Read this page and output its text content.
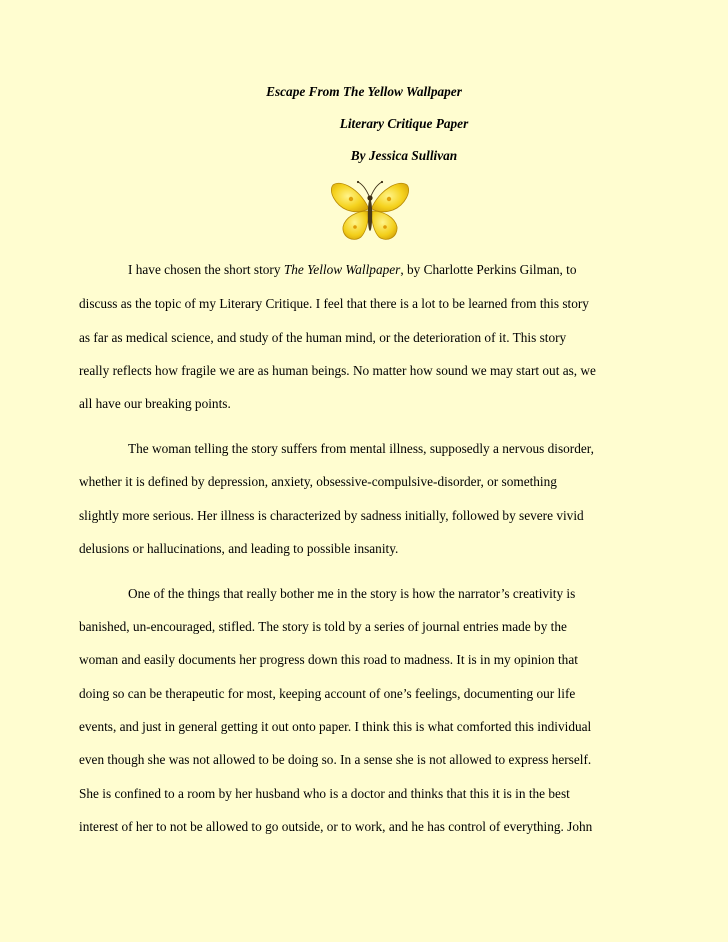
Escape From The Yellow Wallpaper
Literary Critique Paper
By Jessica Sullivan
I have chosen the short story The Yellow Wallpaper, by Charlotte Perkins Gilman, to
discuss as the topic of my Literary Critique. I feel that there is a lot to be learned from this story
as far as medical science, and study of the human mind, or the deterioration of it. This story
really reflects how fragile we are as human beings. No matter how sound we may start out as, we
all have our breaking points.
The woman telling the story suffers from mental illness, supposedly a nervous disorder,
whether it is defined by depression, anxiety, obsessive-compulsive-disorder, or something
slightly more serious. Her illness is characterized by sadness initially, followed by severe vivid
delusions or hallucinations, and leading to possible insanity.
One of the things that really bother me in the story is how the narrator’s creativity is
banished, un-encouraged, stifled. The story is told by a series of journal entries made by the
woman and easily documents her progress down this road to madness. It is in my opinion that
doing so can be therapeutic for most, keeping account of one’s feelings, documenting our life
events, and just in general getting it out onto paper. I think this is what comforted this individual
even though she was not allowed to be doing so. In a sense she is not allowed to express herself.
She is confined to a room by her husband who is a doctor and thinks that this it is in the best
interest of her to not be allowed to go outside, or to work, and he has control of everything. John
